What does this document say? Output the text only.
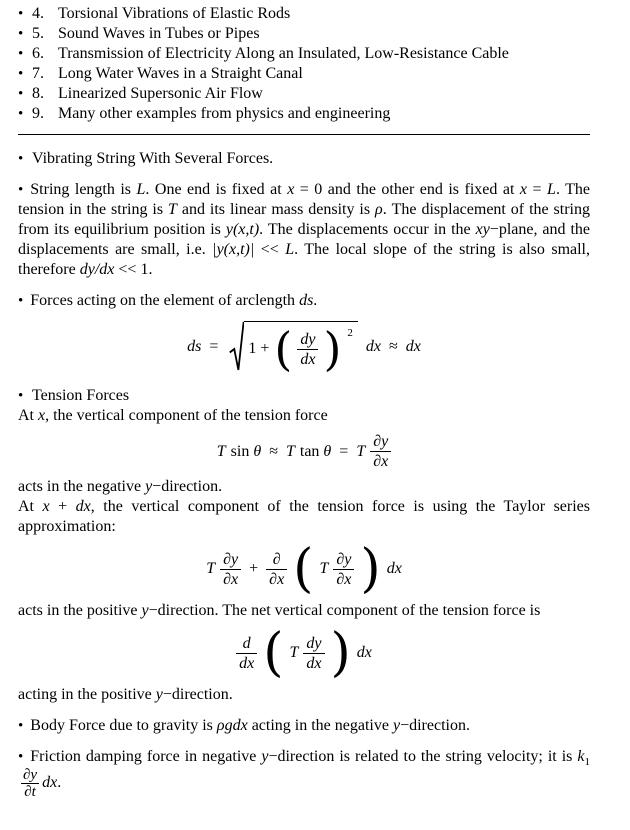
• 4. Torsional Vibrations of Elastic Rods
• 5. Sound Waves in Tubes or Pipes
• 6. Transmission of Electricity Along an Insulated, Low-Resistance Cable
• 7. Long Water Waves in a Straight Canal
• 8. Linearized Supersonic Air Flow
• 9. Many other examples from physics and engineering
• Vibrating String With Several Forces.

• String length is L. One end is fixed at x = 0 and the other end is fixed at x = L. The tension in the string is T and its linear mass density is ρ. The displacement of the string from its equilibrium position is y(x,t). The displacements occur in the xy−plane, and the displacements are small, i.e. |y(x,t)| << L. The local slope of the string is also small, therefore dy/dx << 1.

• Forces acting on the element of arclength ds.

ds = 1 + ( $\frac{dy}{dx}$ ) 2
dx ≈ dx
• Tension Forces
At x, the vertical component of the tension force
T sin θ ≈ T tan θ = T $\frac{\partial y}{\partial x}$
acts in the negative y−direction.

At x + dx, the vertical component of the tension force is using the Taylor series approximation:

T $\frac{\partial y}{\partial x} + \frac{\partial}{\partial x}$ ( T $\frac{\partial y}{\partial x}$ ) dx

acts in the positive y−direction. The net vertical component of the tension force is

$\frac{d}{dx}$ ( T $\frac{dy}{dx}$ ) dx
acting in the positive y−direction.

• Body Force due to gravity is ρgdx acting in the negative y−direction.

• Friction damping force in negative y−direction is related to the string velocity; it is $k_1$
$\frac{\partial y}{\partial t}$ dx.
